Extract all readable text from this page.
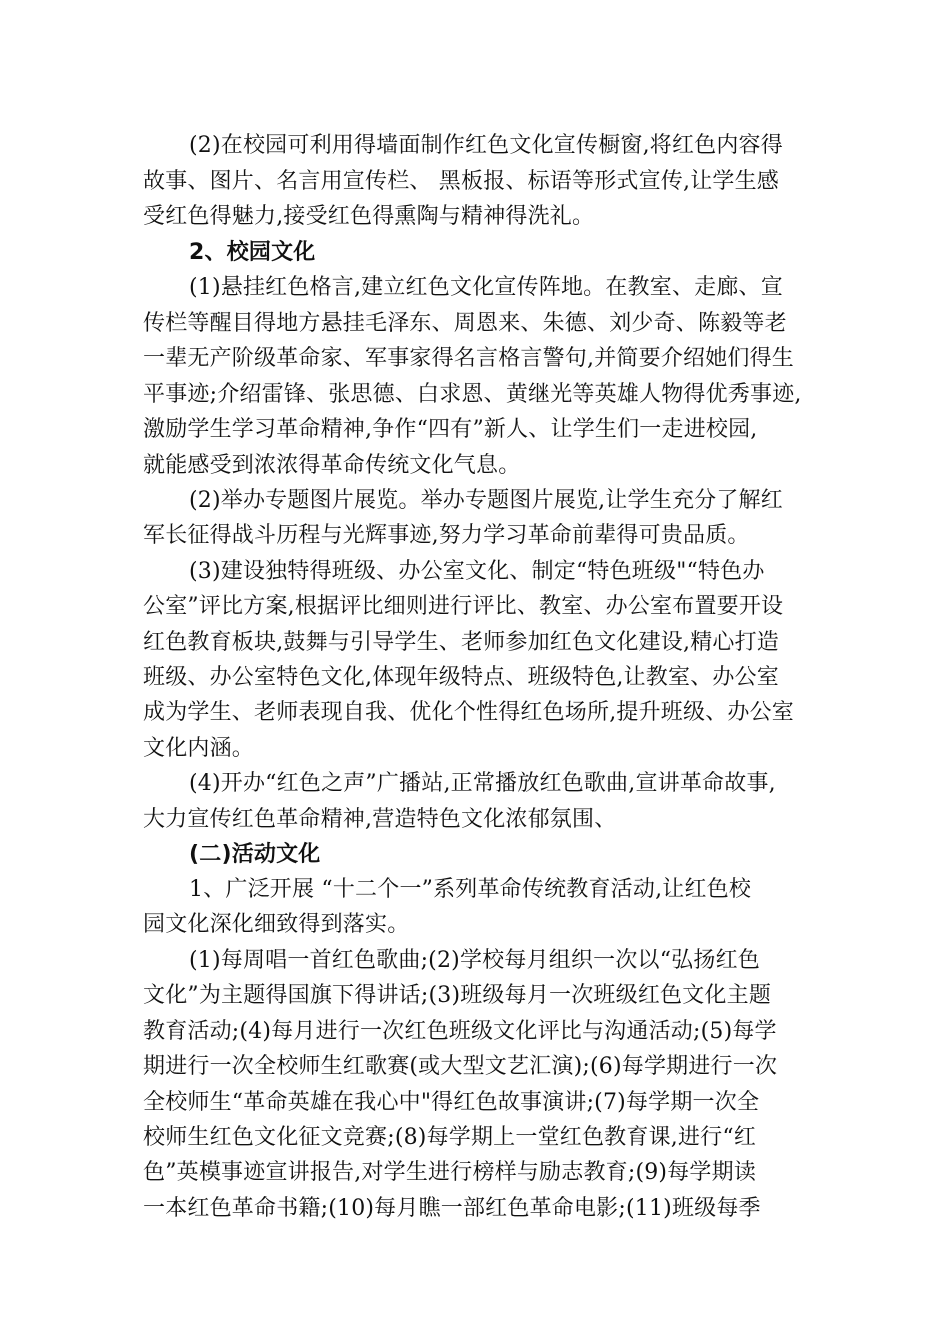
(2)在校园可利用得墙面制作红色文化宣传橱窗,将红色内容得
故事、图片、名言用宣传栏、 黑板报、标语等形式宣传,让学生感
受红色得魅力,接受红色得熏陶与精神得洗礼。
2、校园文化
(1)悬挂红色格言,建立红色文化宣传阵地。在教室、走廊、宣
传栏等醒目得地方悬挂毛泽东、周恩来、朱德、刘少奇、陈毅等老
一辈无产阶级革命家、军事家得名言格言警句,并简要介绍她们得生
平事迹;介绍雷锋、张思德、白求恩、黄继光等英雄人物得优秀事迹,
激励学生学习革命精神,争作“四有”新人、让学生们一走进校园,
就能感受到浓浓得革命传统文化气息。
(2)举办专题图片展览。举办专题图片展览,让学生充分了解红
军长征得战斗历程与光辉事迹,努力学习革命前辈得可贵品质。
(3)建设独特得班级、办公室文化、制定“特色班级"“特色办
公室”评比方案,根据评比细则进行评比、教室、办公室布置要开设
红色教育板块,鼓舞与引导学生、老师参加红色文化建设,精心打造
班级、办公室特色文化,体现年级特点、班级特色,让教室、办公室
成为学生、老师表现自我、优化个性得红色场所,提升班级、办公室
文化内涵。
(4)开办“红色之声”广播站,正常播放红色歌曲,宣讲革命故事,
大力宣传红色革命精神,营造特色文化浓郁氛围、
(二)活动文化
1、广泛开展 “十二个一”系列革命传统教育活动,让红色校
园文化深化细致得到落实。
(1)每周唱一首红色歌曲;(2)学校每月组织一次以“弘扬红色
文化”为主题得国旗下得讲话;(3)班级每月一次班级红色文化主题
教育活动;(4)每月进行一次红色班级文化评比与沟通活动;(5)每学
期进行一次全校师生红歌赛(或大型文艺汇演);(6)每学期进行一次
全校师生“革命英雄在我心中"得红色故事演讲;(7)每学期一次全
校师生红色文化征文竞赛;(8)每学期上一堂红色教育课,进行“红
色”英模事迹宣讲报告,对学生进行榜样与励志教育;(9)每学期读
一本红色革命书籍;(10)每月瞧一部红色革命电影;(11)班级每季
